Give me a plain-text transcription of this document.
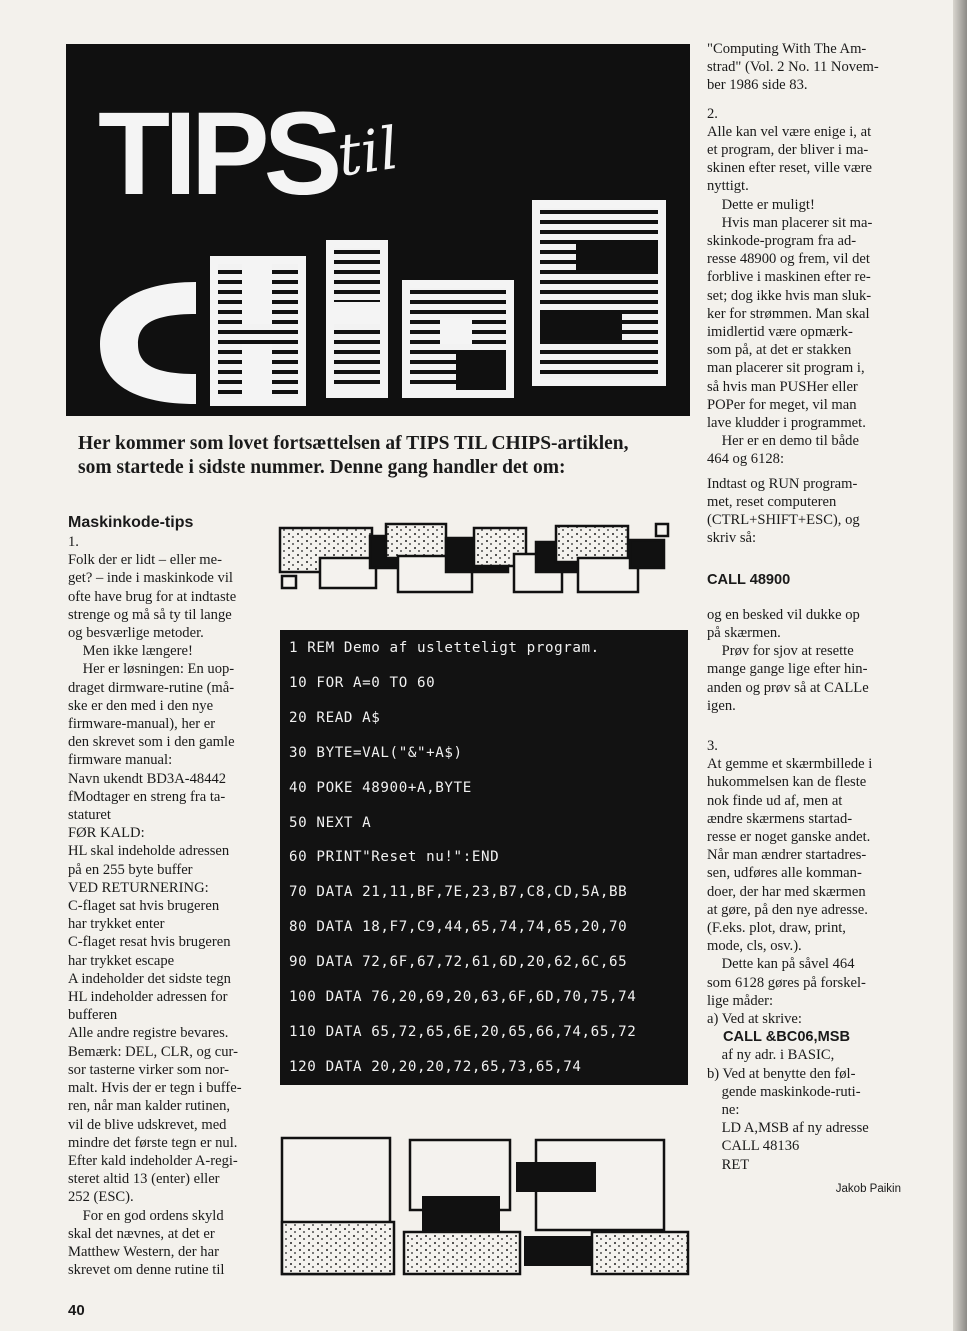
TIPS
til

Her kommer som lovet fortsættelsen af TIPS TIL CHIPS-artiklen,

som startede i sidste nummer. Denne gang handler det om:

Maskinkode-tips
1.
Folk der er lidt – eller me-
get? – inde i maskinkode vil
ofte have brug for at indtaste
strenge og må så ty til lange
og besværlige metoder.
Men ikke længere!
Her er løsningen: En uop-
draget dirmware-rutine (må-
ske er den med i den nye
firmware-manual), her er
den skrevet som i den gamle
firmware manual:
Navn ukendt BD3A-48442
fModtager en streng fra ta-
staturet
FØR KALD:
HL skal indeholde adressen
på en 255 byte buffer
VED RETURNERING:
C-flaget sat hvis brugeren
har trykket enter
C-flaget resat hvis brugeren
har trykket escape
A indeholder det sidste tegn
HL indeholder adressen for
bufferen
Alle andre registre bevares.
Bemærk: DEL, CLR, og cur-
sor tasterne virker som nor-
malt. Hvis der er tegn i buffe-
ren, når man kalder rutinen,
vil de blive udskrevet, med
mindre det første tegn er nul.
Efter kald indeholder A-regi-
steret altid 13 (enter) eller
252 (ESC).
For en god ordens skyld
skal det nævnes, at det er
Matthew Western, der har
skrevet om denne rutine til
1 REM Demo af usletteligt program.
10 FOR A=0 TO 60
20 READ A$
30 BYTE=VAL("&"+A$)
40 POKE 48900+A,BYTE
50 NEXT A
60 PRINT"Reset nu!":END
70 DATA 21,11,BF,7E,23,B7,C8,CD,5A,BB
80 DATA 18,F7,C9,44,65,74,74,65,20,70
90 DATA 72,6F,67,72,61,6D,20,62,6C,65
100 DATA 76,20,69,20,63,6F,6D,70,75,74
110 DATA 65,72,65,6E,20,65,66,74,65,72
120 DATA 20,20,20,72,65,73,65,74
"Computing With The Am-
strad" (Vol. 2 No. 11 Novem-
ber 1986 side 83.
2.
Alle kan vel være enige i, at
et program, der bliver i ma-
skinen efter reset, ville være
nyttigt.
Dette er muligt!
Hvis man placerer sit ma-
skinkode-program fra ad-
resse 48900 og frem, vil det
forblive i maskinen efter re-
set; dog ikke hvis man sluk-
ker for strømmen. Man skal
imidlertid være opmærk-
som på, at det er stakken
man placerer sit program i,
så hvis man PUSHer eller
POPer for meget, vil man
lave kludder i programmet.
Her er en demo til både
464 og 6128:
Indtast og RUN program-
met, reset computeren
(CTRL+SHIFT+ESC), og
skriv så:
CALL 48900
og en besked vil dukke op
på skærmen.
Prøv for sjov at resette
mange gange lige efter hin-
anden og prøv så at CALLe
igen.
3.
At gemme et skærmbillede i
hukommelsen kan de fleste
nok finde ud af, men at
ændre skærmens startad-
resse er noget ganske andet.
Når man ændrer startadres-
sen, udføres alle komman-
doer, der har med skærmen
at gøre, på den nye adresse.
(F.eks. plot, draw, print,
mode, cls, osv.).
Dette kan på såvel 464
som 6128 gøres på forskel-
lige måder:
a) Ved at skrive:
CALL &BC06,MSB
af ny adr. i BASIC,
b) Ved at benytte den føl-
gende maskinkode-ruti-
ne:
LD A,MSB af ny adresse
CALL 48136
RET
Jakob Paikin
40
